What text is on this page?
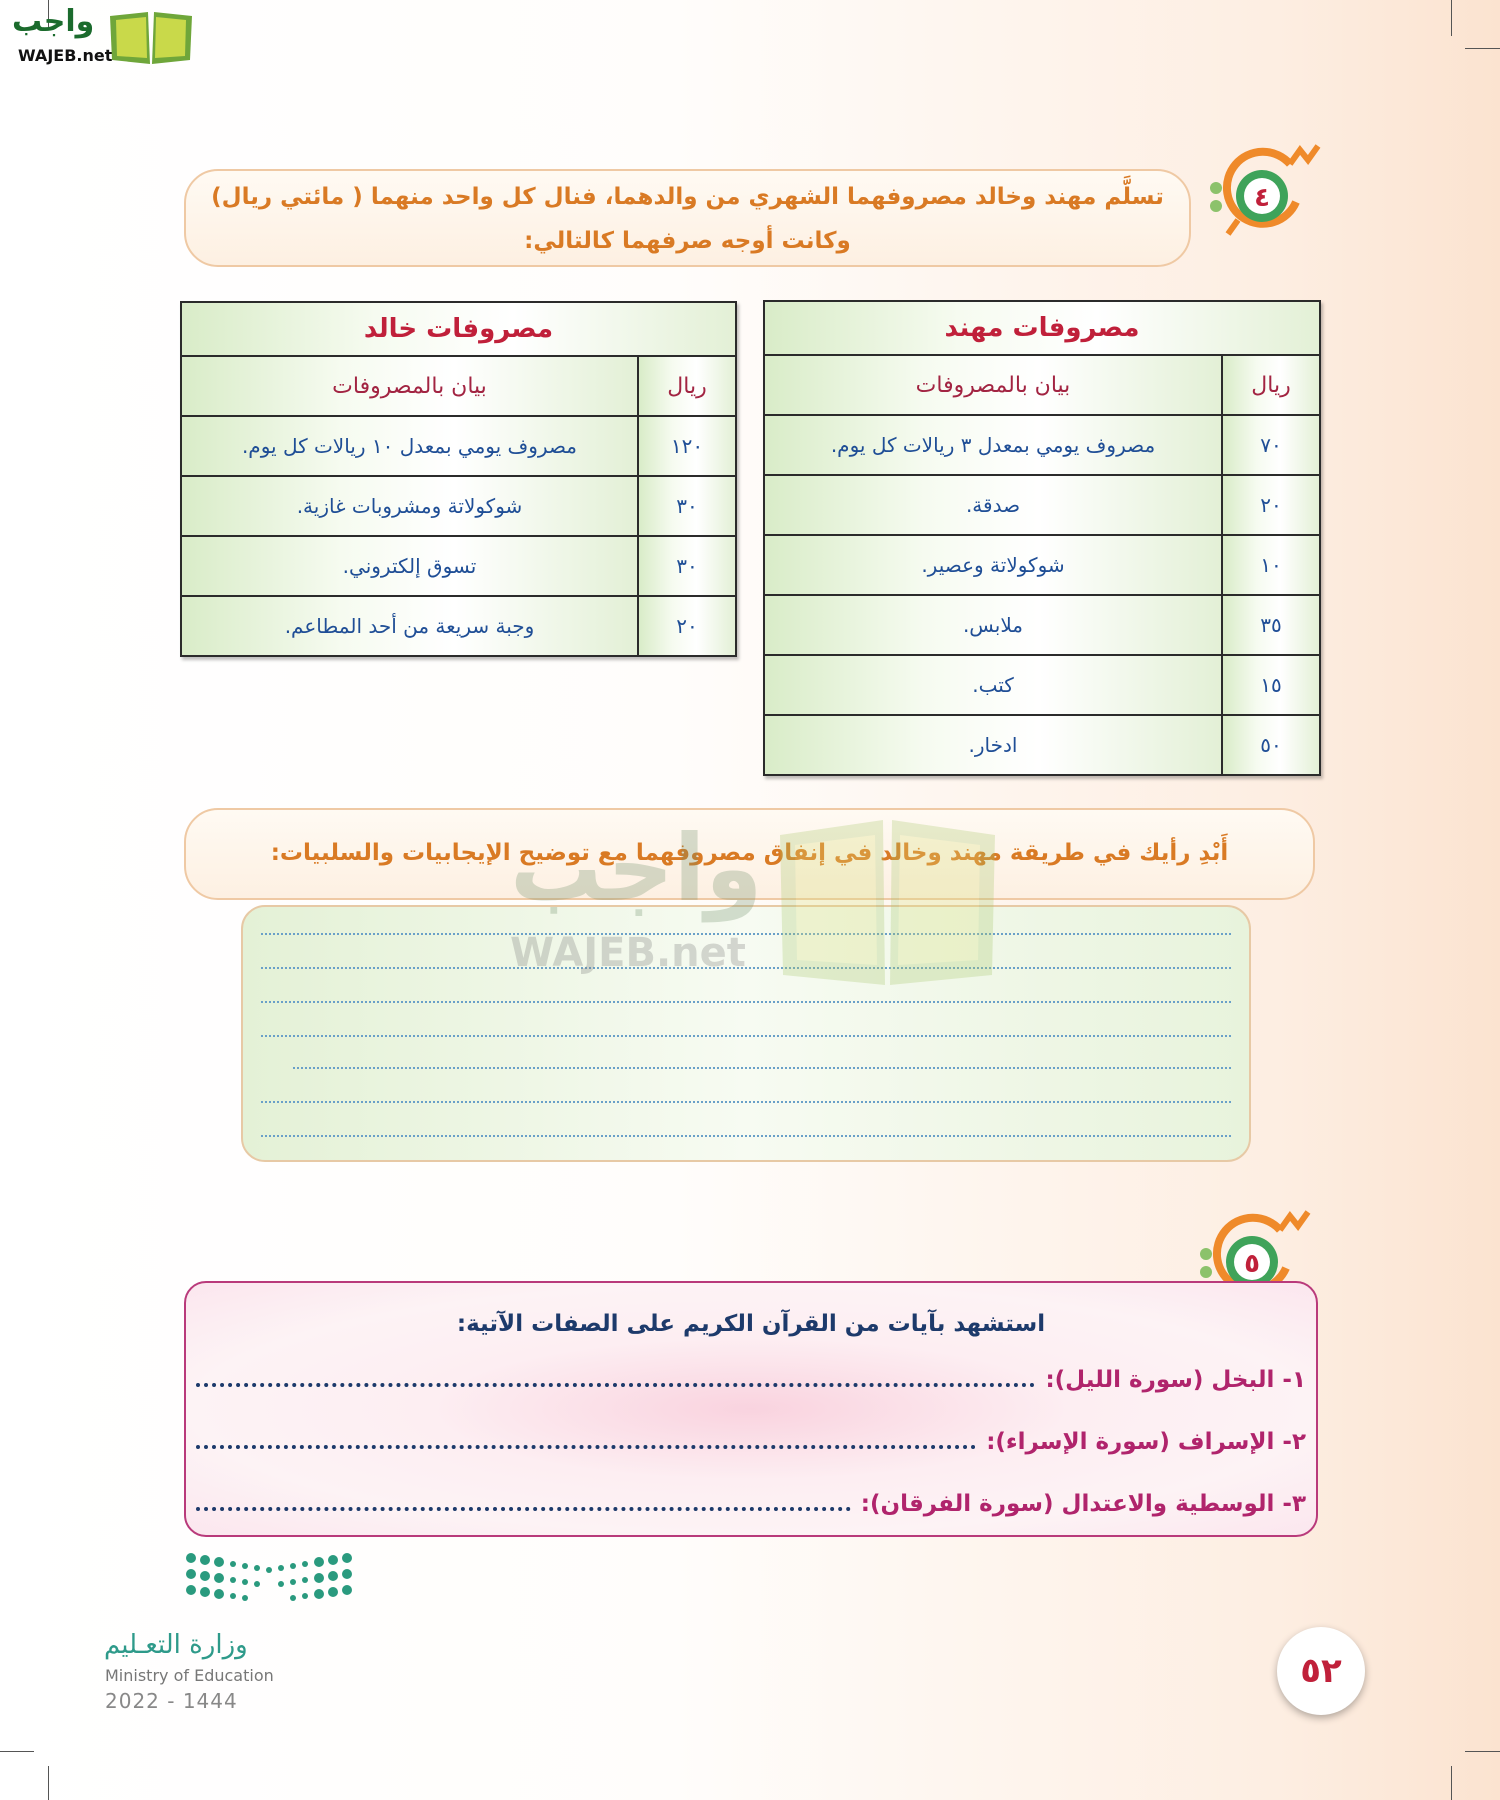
واجب
WAJEB.net
٤
تسلَّم مهند وخالد مصروفهما الشهري من والدهما، فنال كل واحد منهما ( مائتي ريال)
وكانت أوجه صرفهما كالتالي:
مصروفات مهند	
ريال	بيان بالمصروفات
٧٠	مصروف يومي بمعدل ٣ ريالات كل يوم.
٢٠	صدقة.
١٠	شوكولاتة وعصير.
٣٥	ملابس.
١٥	كتب.
٥٠	ادخار.
مصروفات خالد	
ريال	بيان بالمصروفات
١٢٠	مصروف يومي بمعدل ١٠ ريالات كل يوم.
٣٠	شوكولاتة ومشروبات غازية.
٣٠	تسوق إلكتروني.
٢٠	وجبة سريعة من أحد المطاعم.
أَبْدِ رأيك في طريقة مهند وخالد في إنفاق مصروفهما مع توضيح الإيجابيات والسلبيات:
واجب
WAJEB.net
٥
استشهد بآيات من القرآن الكريم على الصفات الآتية:
١- البخل (سورة الليل):
٢- الإسراف (سورة الإسراء):
٣- الوسطية والاعتدال (سورة الفرقان):
وزارة التعـليم
Ministry of Education
2022 - 1444
٥٢
